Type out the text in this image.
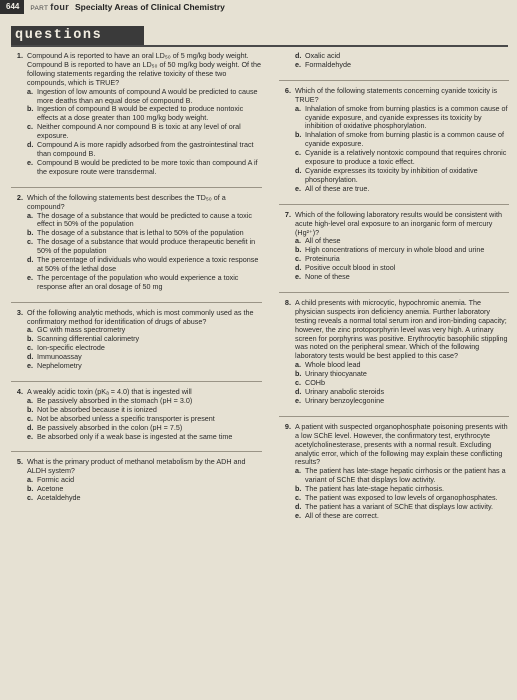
644	PART four Specialty Areas of Clinical Chemistry
questions
1. Compound A is reported to have an oral LD₅₀ of 5 mg/kg body weight. Compound B is reported to have an LD₅₀ of 50 mg/kg body weight. Of the following statements regarding the relative toxicity of these two compounds, which is TRUE?
a. Ingestion of low amounts of compound A would be predicted to cause more deaths than an equal dose of compound B.
b. Ingestion of compound B would be expected to produce nontoxic effects at a dose greater than 100 mg/kg body weight.
c. Neither compound A nor compound B is toxic at any level of oral exposure.
d. Compound A is more rapidly adsorbed from the gastrointestinal tract than compound B.
e. Compound B would be predicted to be more toxic than compound A if the exposure route were transdermal.
2. Which of the following statements best describes the TD₅₀ of a compound?
a. The dosage of a substance that would be predicted to cause a toxic effect in 50% of the population
b. The dosage of a substance that is lethal to 50% of the population
c. The dosage of a substance that would produce therapeutic benefit in 50% of the population
d. The percentage of individuals who would experience a toxic response at 50% of the lethal dose
e. The percentage of the population who would experience a toxic response after an oral dosage of 50 mg
3. Of the following analytic methods, which is most commonly used as the confirmatory method for identification of drugs of abuse?
a. GC with mass spectrometry
b. Scanning differential calorimetry
c. Ion-specific electrode
d. Immunoassay
e. Nephelometry
4. A weakly acidic toxin (pKₐ = 4.0) that is ingested will
a. Be passively absorbed in the stomach (pH = 3.0)
b. Not be absorbed because it is ionized
c. Not be absorbed unless a specific transporter is present
d. Be passively absorbed in the colon (pH = 7.5)
e. Be absorbed only if a weak base is ingested at the same time
5. What is the primary product of methanol metabolism by the ADH and ALDH system?
a. Formic acid
b. Acetone
c. Acetaldehyde
d. Oxalic acid
e. Formaldehyde
6. Which of the following statements concerning cyanide toxicity is TRUE?
a. Inhalation of smoke from burning plastics is a common cause of cyanide exposure, and cyanide expresses its toxicity by inhibition of oxidative phosphorylation.
b. Inhalation of smoke from burning plastic is a common cause of cyanide exposure.
c. Cyanide is a relatively nontoxic compound that requires chronic exposure to produce a toxic effect.
d. Cyanide expresses its toxicity by inhibition of oxidative phosphorylation.
e. All of these are true.
7. Which of the following laboratory results would be consistent with acute high-level oral exposure to an inorganic form of mercury (Hg²⁺)?
a. All of these
b. High concentrations of mercury in whole blood and urine
c. Proteinuria
d. Positive occult blood in stool
e. None of these
8. A child presents with microcytic, hypochromic anemia. The physician suspects iron deficiency anemia. Further laboratory testing reveals a normal total serum iron and iron-binding capacity; however, the zinc protoporphyrin level was very high. A urinary screen for porphyrins was positive. Erythrocytic basophilic stippling was noted on the peripheral smear. Which of the following laboratory tests would be best applied to this case?
a. Whole blood lead
b. Urinary thiocyanate
c. COHb
d. Urinary anabolic steroids
e. Urinary benzoylecgonine
9. A patient with suspected organophosphate poisoning presents with a low SChE level. However, the confirmatory test, erythrocyte acetylcholinesterase, presents with a normal result. Excluding analytic error, which of the following may explain these conflicting results?
a. The patient has late-stage hepatic cirrhosis or the patient has a variant of SChE that displays low activity.
b. The patient has late-stage hepatic cirrhosis.
c. The patient was exposed to low levels of organophosphates.
d. The patient has a variant of SChE that displays low activity.
e. All of these are correct.
